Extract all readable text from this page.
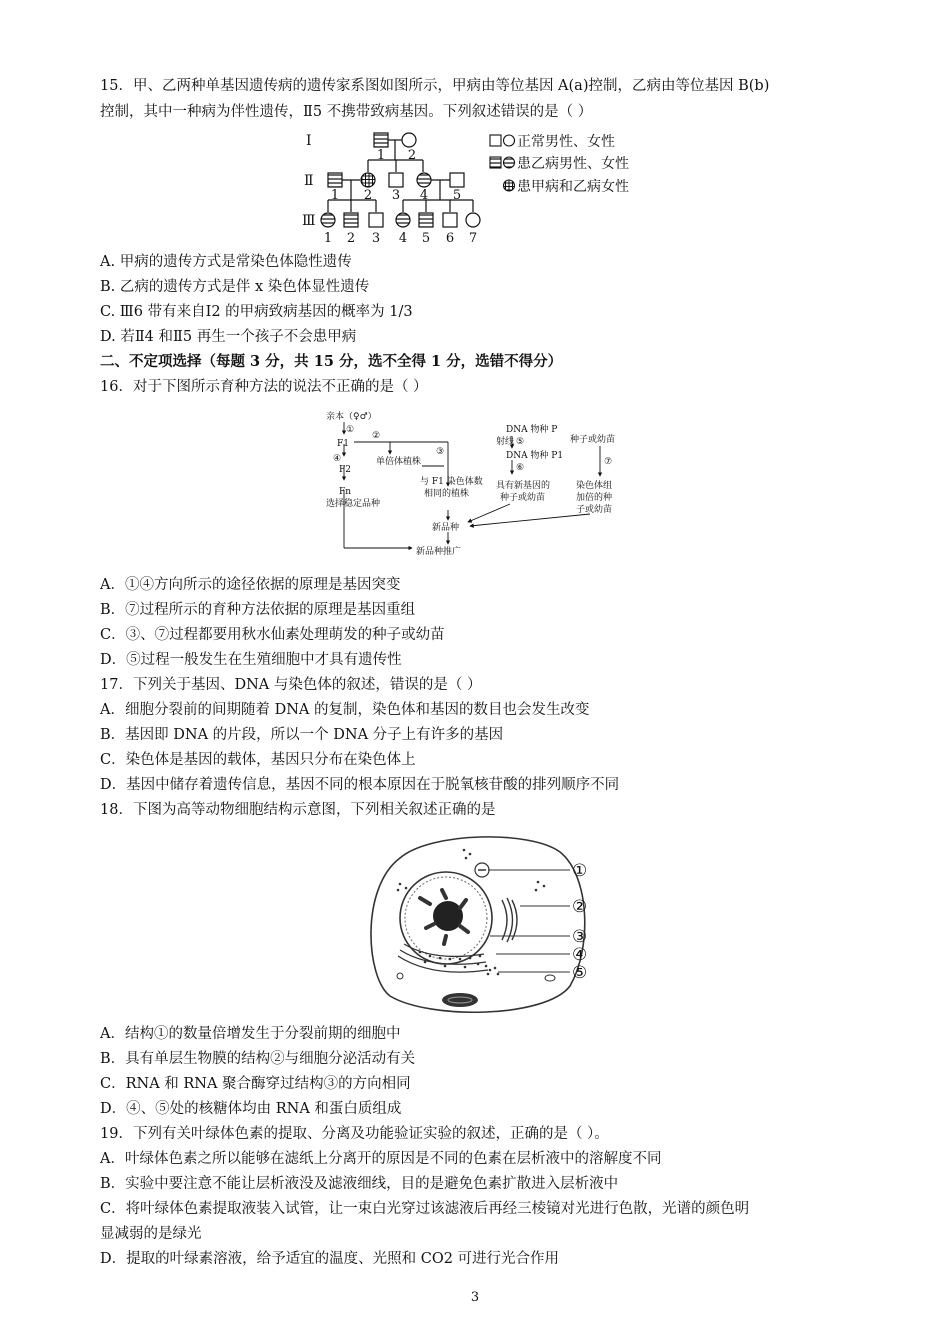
15．甲、乙两种单基因遗传病的遗传家系图如图所示，甲病由等位基因 A(a)控制，乙病由等位基因 B(b)
控制，其中一种病为伴性遗传，Ⅱ5 不携带致病基因。下列叙述错误的是（ ）
Ⅰ
Ⅱ
Ⅲ
1 2
1 2 3 4 5
1 2 3 4 5 6 7
正常男性、女性
患乙病男性、女性
患甲病和乙病女性
A. 甲病的遗传方式是常染色体隐性遗传
B. 乙病的遗传方式是伴 x 染色体显性遗传
C. Ⅲ6 带有来自Ⅰ2 的甲病致病基因的概率为 1/3
D. 若Ⅱ4 和Ⅱ5 再生一个孩子不会患甲病
二、不定项选择（每题 3 分，共 15 分，选不全得 1 分，选错不得分）
16．对于下图所示育种方法的说法不正确的是（ ）
亲本（♀♂）
①
F1
②
③
④	单倍体植株
F2
Fn
选择稳定品种
与 F1 染色体数
相同的植株
DNA 物种 P
射线 ⑤
DNA 物种 P1
⑥
具有新基因的
种子或幼苗
种子或幼苗
⑦
染色体组
加倍的种
子或幼苗
新品种
新品种推广
A．①④方向所示的途径依据的原理是基因突变
B．⑦过程所示的育种方法依据的原理是基因重组
C．③、⑦过程都要用秋水仙素处理萌发的种子或幼苗
D．⑤过程一般发生在生殖细胞中才具有遗传性
17．下列关于基因、DNA 与染色体的叙述，错误的是（ ）
A．细胞分裂前的间期随着 DNA 的复制，染色体和基因的数目也会发生改变
B．基因即 DNA 的片段，所以一个 DNA 分子上有许多的基因
C．染色体是基因的载体，基因只分布在染色体上
D．基因中储存着遗传信息，基因不同的根本原因在于脱氧核苷酸的排列顺序不同
18．下图为高等动物细胞结构示意图，下列相关叙述正确的是
①
②
③
④
⑤
A．结构①的数量倍增发生于分裂前期的细胞中
B．具有单层生物膜的结构②与细胞分泌活动有关
C．RNA 和 RNA 聚合酶穿过结构③的方向相同
D．④、⑤处的核糖体均由 RNA 和蛋白质组成
19．下列有关叶绿体色素的提取、分离及功能验证实验的叙述，正确的是（ ）。
A．叶绿体色素之所以能够在滤纸上分离开的原因是不同的色素在层析液中的溶解度不同
B．实验中要注意不能让层析液没及滤液细线，目的是避免色素扩散进入层析液中
C．将叶绿体色素提取液装入试管，让一束白光穿过该滤液后再经三棱镜对光进行色散，光谱的颜色明
显减弱的是绿光
D．提取的叶绿素溶液，给予适宜的温度、光照和 CO2 可进行光合作用
3
